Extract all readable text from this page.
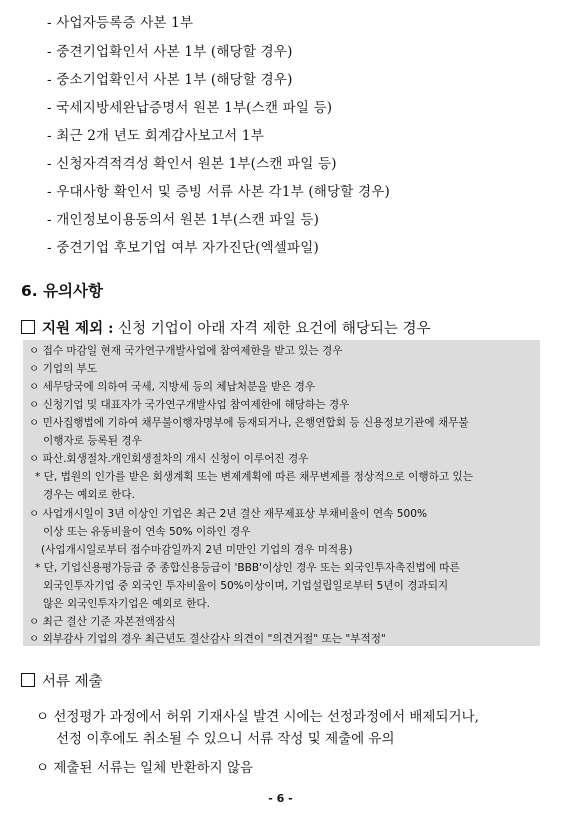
- 사업자등록증 사본 1부
- 중견기업확인서 사본 1부 (해당할 경우)
- 중소기업확인서 사본 1부 (해당할 경우)
- 국세지방세완납증명서 원본 1부(스캔 파일 등)
- 최근 2개 년도 회계감사보고서 1부
- 신청자격적격성 확인서 원본 1부(스캔 파일 등)
- 우대사항 확인서 및 증빙 서류 사본 각1부 (해당할 경우)
- 개인정보이용동의서 원본 1부(스캔 파일 등)
- 중견기업 후보기업 여부 자가진단(엑셀파일)
6. 유의사항
지원 제외 : 신청 기업이 아래 자격 제한 요건에 해당되는 경우
ㅇ 접수 마감일 현재 국가연구개발사업에 참여제한을 받고 있는 경우
ㅇ 기업의 부도
ㅇ 세무당국에 의하여 국세, 지방세 등의 체납처분을 받은 경우
ㅇ 신청기업 및 대표자가 국가연구개발사업 참여제한에 해당하는 경우
ㅇ 민사집행법에 기하여 채무불이행자명부에 등재되거나, 은행연합회 등 신용정보기관에 채무불
이행자로 등록된 경우
ㅇ 파산.회생절차.개인회생절차의 개시 신청이 이루어진 경우
* 단, 법원의 인가를 받은 회생계획 또는 변제계획에 따른 채무변제를 정상적으로 이행하고 있는
경우는 예외로 한다.
ㅇ 사업개시일이 3년 이상인 기업은 최근 2년 결산 재무제표상 부채비율이 연속 500%
이상 또는 유동비율이 연속 50% 이하인 경우
(사업개시일로부터 접수마감일까지 2년 미만인 기업의 경우 미적용)
* 단, 기업신용평가등급 중 종합신용등급이 'BBB'이상인 경우 또는 외국인투자촉진법에 따른
외국인투자기업 중 외국인 투자비율이 50%이상이며, 기업설립일로부터 5년이 경과되지
않은 외국인투자기업은 예외로 한다.
ㅇ 최근 결산 기준 자본전액잠식
ㅇ 외부감사 기업의 경우 최근년도 결산감사 의견이 "의견거절" 또는 "부적정"
서류 제출
ㅇ 선정평가 과정에서 허위 기재사실 발견 시에는 선정과정에서 배제되거나,
선정 이후에도 취소될 수 있으니 서류 작성 및 제출에 유의
ㅇ 제출된 서류는 일체 반환하지 않음
- 6 -
